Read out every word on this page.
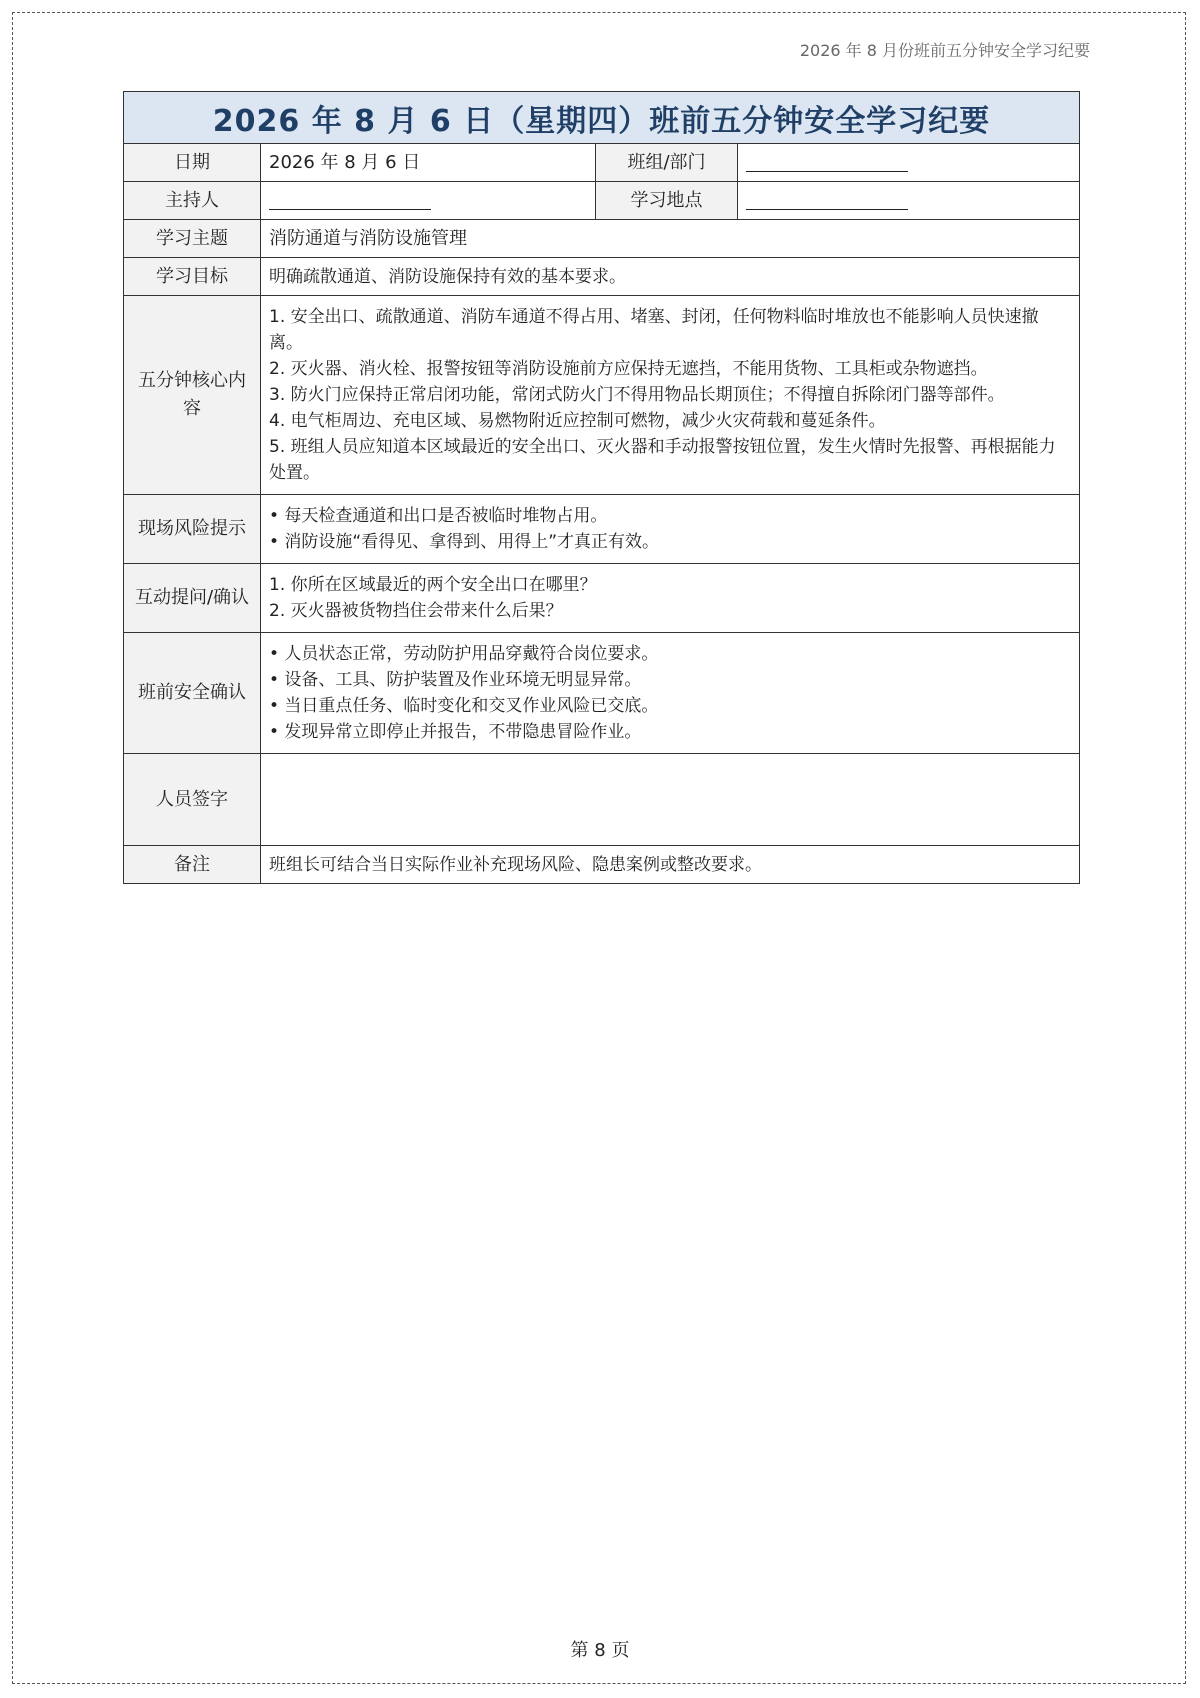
2026 年 8 月份班前五分钟安全学习纪要
2026 年 8 月 6 日（星期四）班前五分钟安全学习纪要			
日期	2026 年 8 月 6 日	班组/部门	
主持人		学习地点	
学习主题	消防通道与消防设施管理		
学习目标	明确疏散通道、消防设施保持有效的基本要求。		
五分钟核心内容	1. 安全出口、疏散通道、消防车通道不得占用、堵塞、封闭，任何物料临时堆放也不能影响人员快速撤离。
2. 灭火器、消火栓、报警按钮等消防设施前方应保持无遮挡，不能用货物、工具柜或杂物遮挡。
3. 防火门应保持正常启闭功能，常闭式防火门不得用物品长期顶住；不得擅自拆除闭门器等部件。
4. 电气柜周边、充电区域、易燃物附近应控制可燃物，减少火灾荷载和蔓延条件。
5. 班组人员应知道本区域最近的安全出口、灭火器和手动报警按钮位置，发生火情时先报警、再根据能力处置。		

现场风险提示	• 每天检查通道和出口是否被临时堆物占用。
• 消防设施“看得见、拿得到、用得上”才真正有效。		

互动提问/确认	1. 你所在区域最近的两个安全出口在哪里？
2. 灭火器被货物挡住会带来什么后果？		

班前安全确认	• 人员状态正常，劳动防护用品穿戴符合岗位要求。
• 设备、工具、防护装置及作业环境无明显异常。
• 当日重点任务、临时变化和交叉作业风险已交底。
• 发现异常立即停止并报告，不带隐患冒险作业。		

人员签字			
备注	班组长可结合当日实际作业补充现场风险、隐患案例或整改要求。		
第 8 页
